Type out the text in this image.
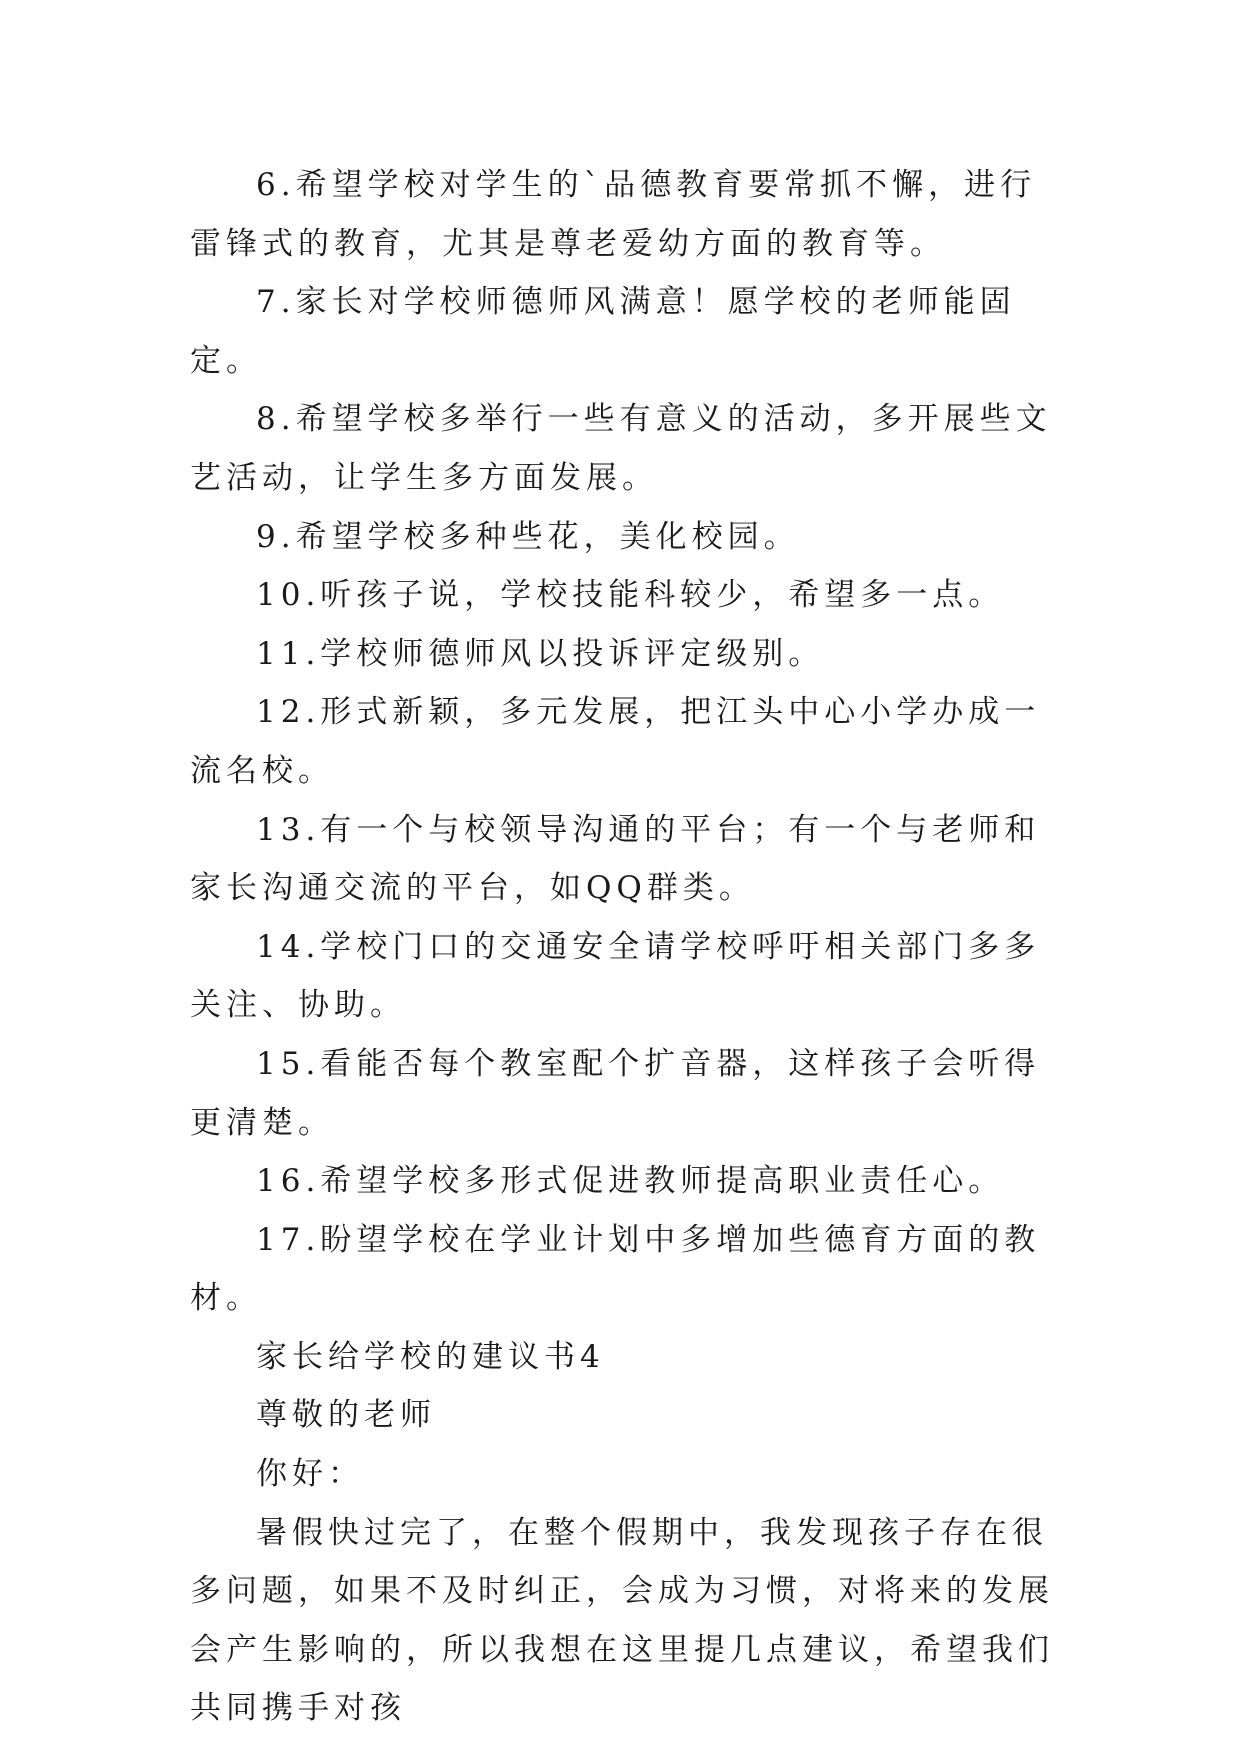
6.希望学校对学生的`品德教育要常抓不懈，进行雷锋式的教育，尤其是尊老爱幼方面的教育等。

7.家长对学校师德师风满意！愿学校的老师能固定。

8.希望学校多举行一些有意义的活动，多开展些文艺活动，让学生多方面发展。

9.希望学校多种些花，美化校园。

10.听孩子说，学校技能科较少，希望多一点。

11.学校师德师风以投诉评定级别。

12.形式新颖，多元发展，把江头中心小学办成一流名校。

13.有一个与校领导沟通的平台；有一个与老师和家长沟通交流的平台，如QQ群类。

14.学校门口的交通安全请学校呼吁相关部门多多关注、协助。

15.看能否每个教室配个扩音器，这样孩子会听得更清楚。

16.希望学校多形式促进教师提高职业责任心。

17.盼望学校在学业计划中多增加些德育方面的教材。

家长给学校的建议书4

尊敬的老师

你好：

暑假快过完了，在整个假期中，我发现孩子存在很多问题，如果不及时纠正，会成为习惯，对将来的发展会产生影响的，所以我想在这里提几点建议，希望我们共同携手对孩
